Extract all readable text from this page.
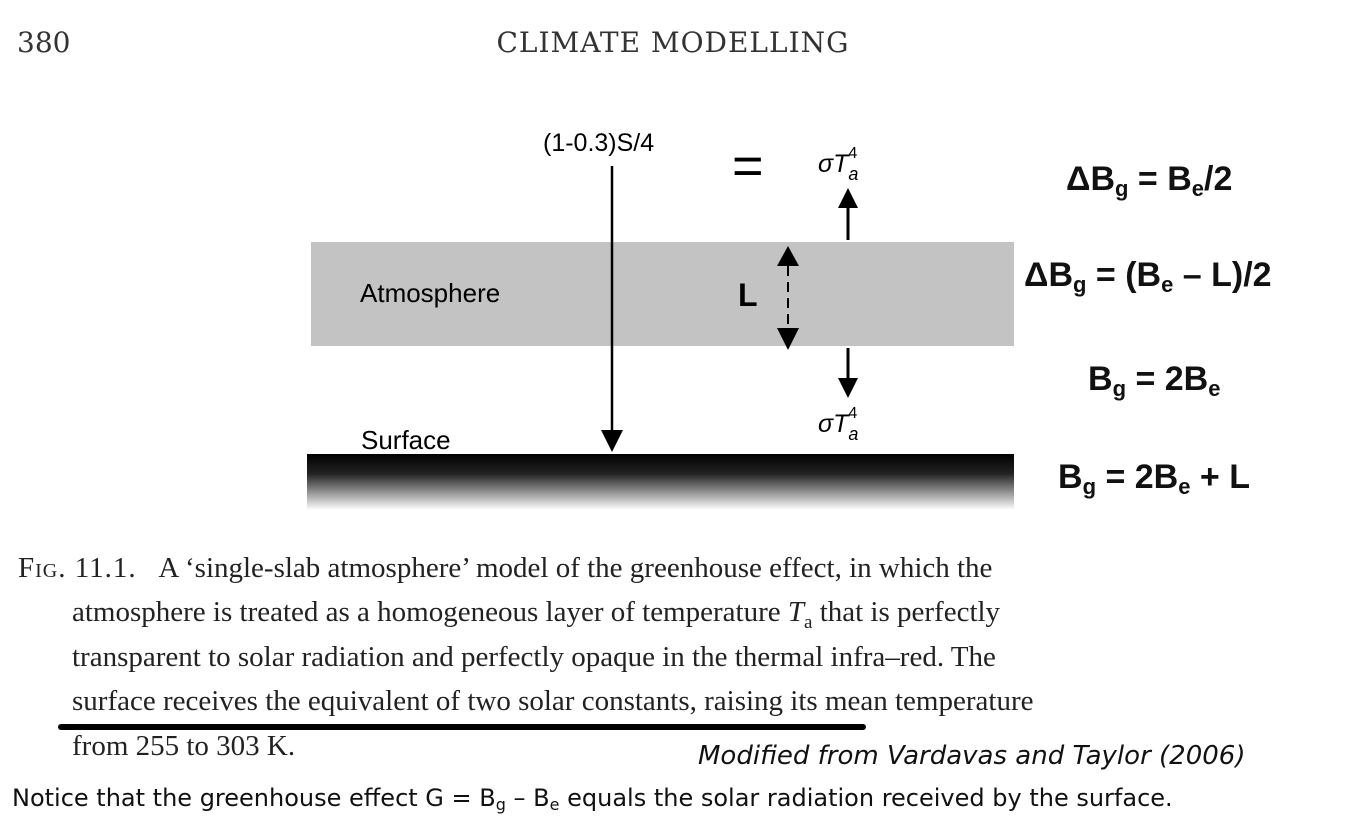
380	CLIMATE MODELLING
Atmosphere
Surface
$(1-0.3)S/4 = \sigma T_a4$
$\sigma T_a4$
L
$\Delta B_g = B_e/2$
$\Delta B_g = (B_e - L)/2$
$B_g = 2B_e$
$B_g = 2B_e + L$
Fig. 11.1. A ‘single-slab atmosphere’ model of the greenhouse effect, in which the
atmosphere is treated as a homogeneous layer of temperature $T_a$ that is perfectly
transparent to solar radiation and perfectly opaque in the thermal infra–red. The
surface receives the equivalent of two solar constants, raising its mean temperature
from 255 to 303 K.	Modified from Vardavas and Taylor (2006)
Notice that the greenhouse effect $G = B_g - B_e$ equals the solar radiation received by the surface.
